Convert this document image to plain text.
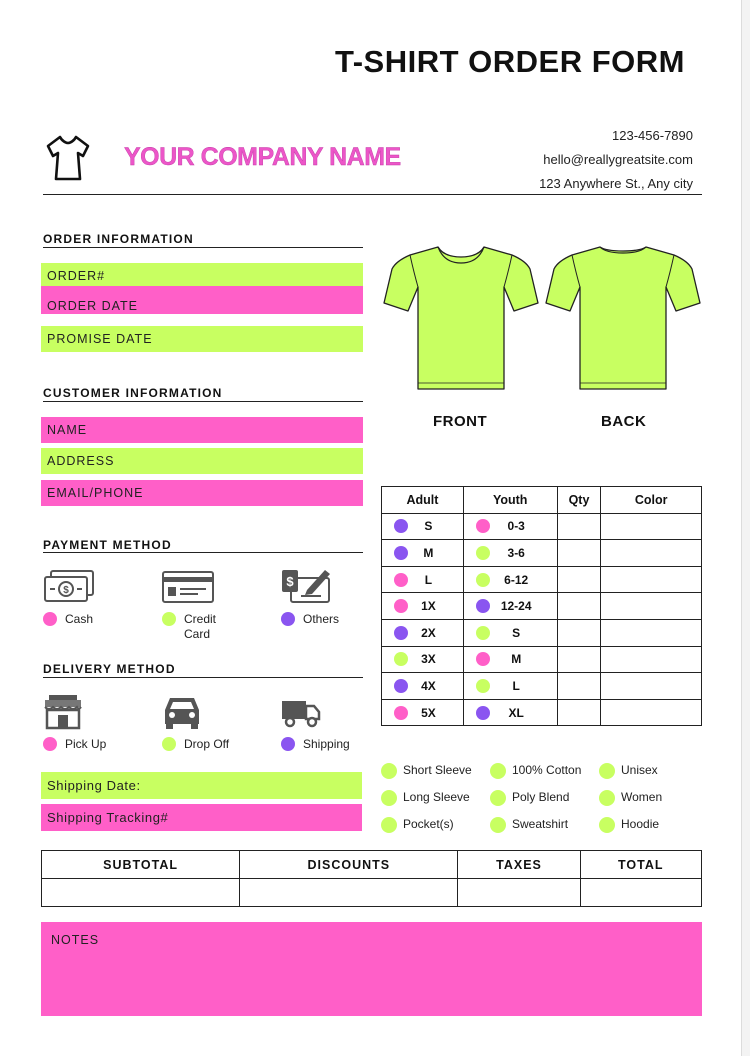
T-SHIRT ORDER FORM
YOUR COMPANY NAME
123-456-7890
hello@reallygreatsite.com
123 Anywhere St., Any city
ORDER INFORMATION
ORDER#
ORDER DATE
PROMISE DATE
CUSTOMER INFORMATION
NAME
ADDRESS
EMAIL/PHONE
PAYMENT METHOD
$
$
Cash	Credit Card
Others
DELIVERY METHOD
Pick Up	Drop Off	Shipping
Shipping Date:
Shipping Tracking#
FRONT	BACK
Adult	Youth	Qty	Color

S	0-3		

M	3-6		

L	6-12		

1X	12-24		

2X	S		

3X	M		

4X	L		

5X	XL		

Short Sleeve
Long Sleeve
Pocket(s)
100% Cotton
Poly Blend
Sweatshirt
Unisex
Women
Hoodie
SUBTOTAL	DISCOUNTS	TAXES	TOTAL

NOTES
